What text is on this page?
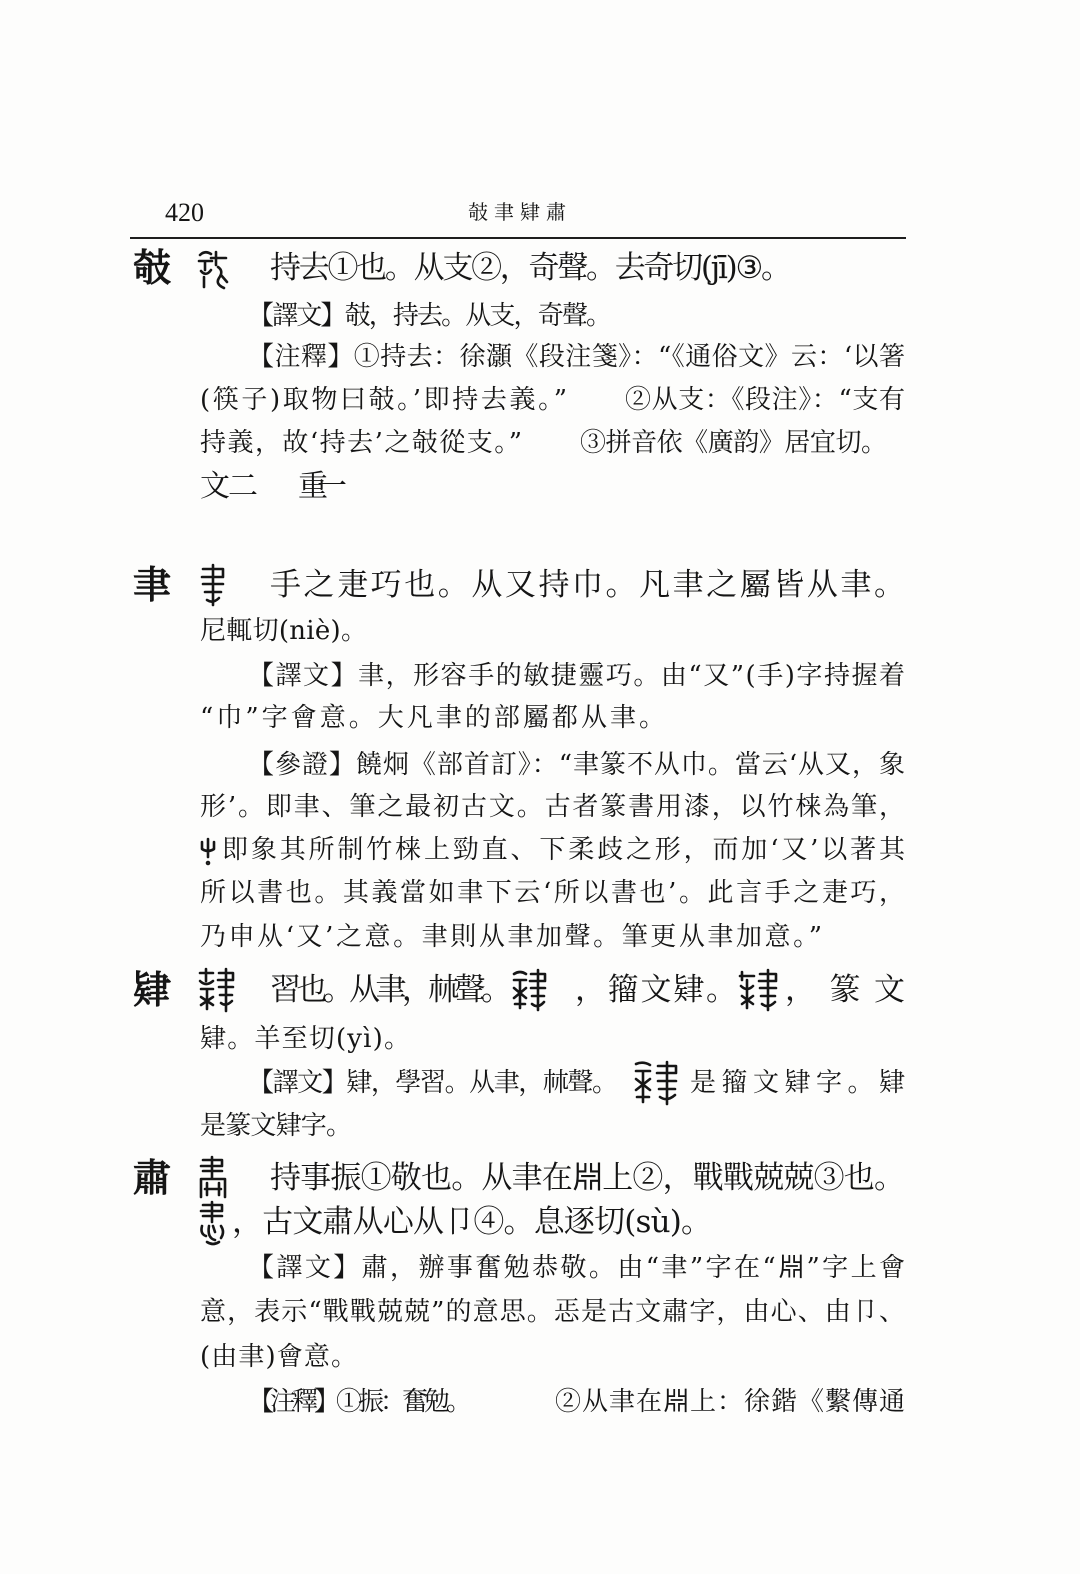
420	攲聿肄肅
攲	持去①也。从支②，奇聲。去奇切(jī)③。
【譯文】攲，持去。从支，奇聲。
【注釋】①持去：徐灝《段注箋》：“《通俗文》云：‘以箸
(筷子)取物曰攲。’即持去義。” ②从支：《段注》：“支有
持義，故‘持去’之攲從支。” ③拼音依《廣韵》居宜切。
文二 重一
聿	手之疌巧也。从又持巾。凡聿之屬皆从聿。
尼輒切(niè)。
【譯文】聿，形容手的敏捷靈巧。由“又”(手)字持握着
“巾”字會意。大凡聿的部屬都从聿。
【參證】饒炯《部首訂》：“聿篆不从巾。當云‘从又，象
形’。即聿、筆之最初古文。古者篆書用漆，以竹梾為筆，
即象其所制竹梾上勁直、下柔歧之形，而加‘又’以著其
所以書也。其義當如聿下云‘所以書也’。此言手之疌巧，
乃申从‘又’之意。聿則从聿加聲。筆更从聿加意。”
肄	習也。从聿，𣏟聲。 ，籀文肄。 ，篆文
肄。羊至切(yì)。
【譯文】肄，學習。从聿，𣏟聲。	是籀文肄字。肄
是篆文肄字。
肅	持事振①敬也。从聿在𣶒上②，戰戰兢兢③也。
，古文肅从心从卩④。息逐切(sù)。
【譯文】肅，辦事奮勉恭敬。由“聿”字在“𣶒”字上會
意，表示“戰戰兢兢”的意思。𢘫是古文肅字，由心、由卩、
(由聿)會意。
【注釋】①振：奮勉。	②从聿在𣶒上：徐鍇《繫傳通
